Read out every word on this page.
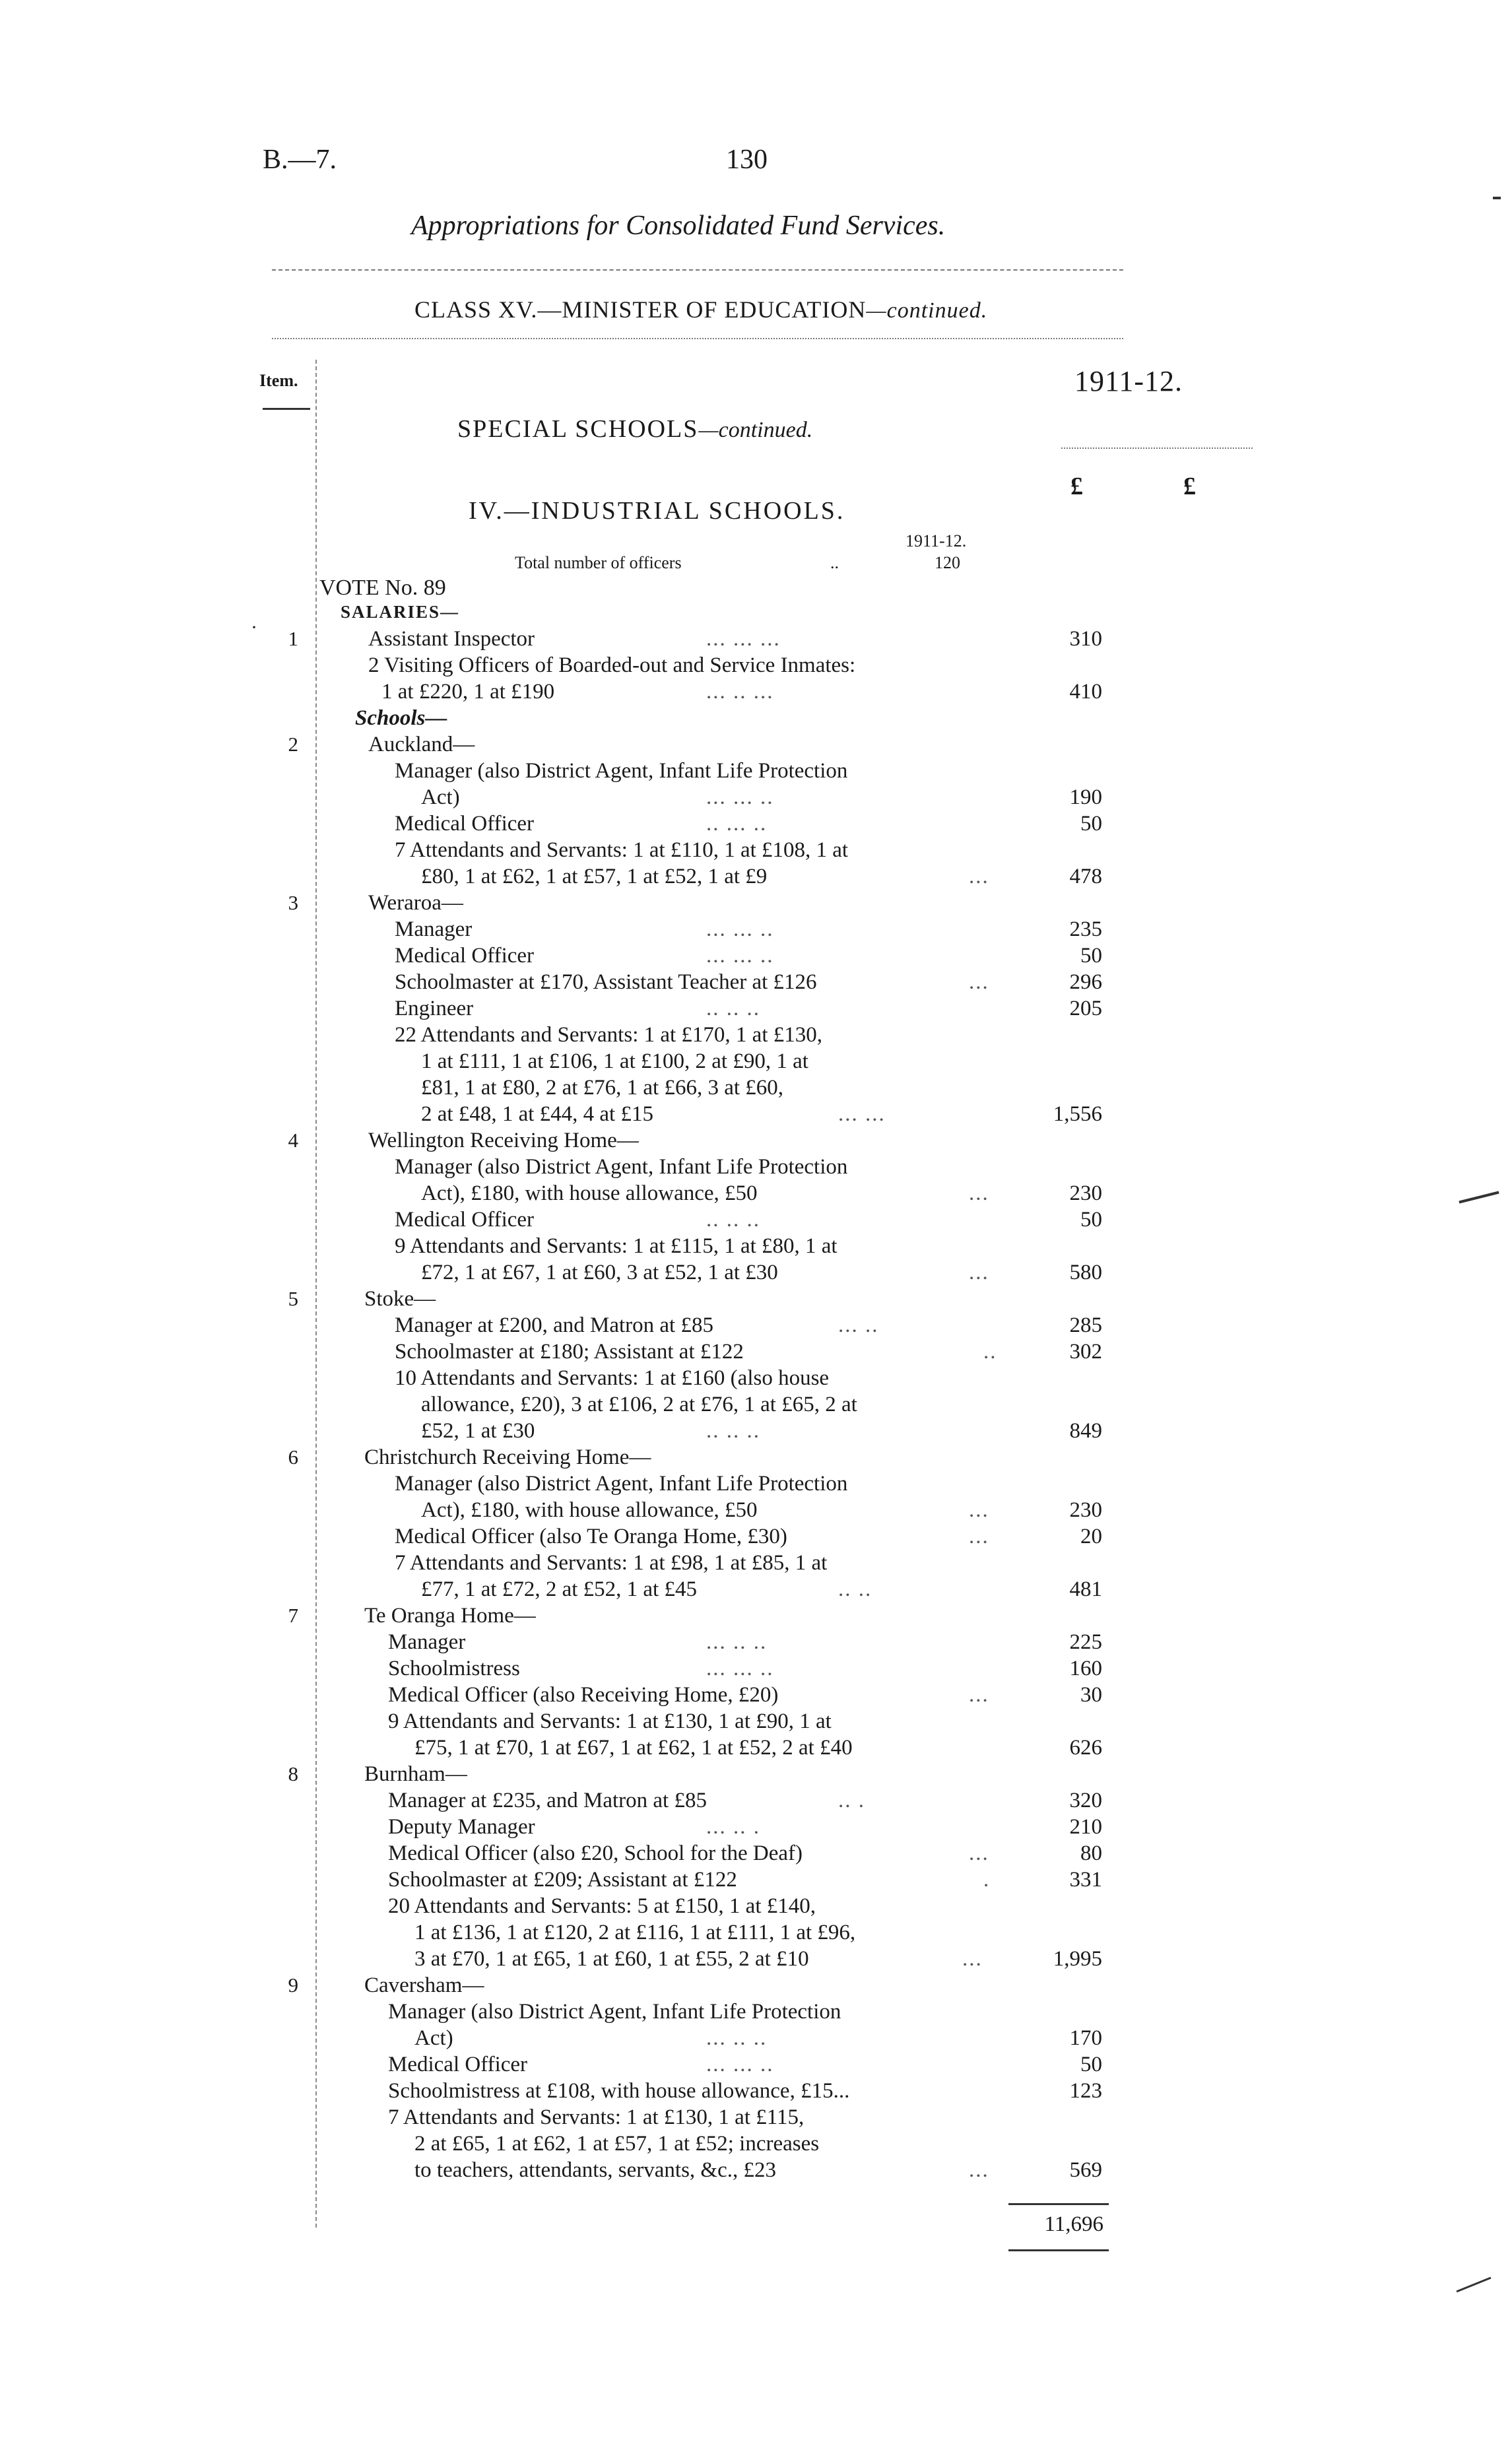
B.—7.	130
Appropriations for Consolidated Fund Services.
CLASS XV.—MINISTER OF EDUCATION—continued.
Item.	1911-12.
SPECIAL SCHOOLS—continued.
£	£
IV.—INDUSTRIAL SCHOOLS.
1911-12.
Total number of officers	..	120
VOTE No. 89
SALARIES—
·	1	Assistant Inspector	... ... ...	310
2 Visiting Officers of Boarded-out and Service Inmates:
1 at £220, 1 at £190	... .. ...	410
Schools—
2	Auckland—
Manager (also District Agent, Infant Life Protection
Act)	... ... ..	190
Medical Officer	.. ... ..	50
7 Attendants and Servants: 1 at £110, 1 at £108, 1 at
£80, 1 at £62, 1 at £57, 1 at £52, 1 at £9	...	478
3	Weraroa—
Manager	... ... ..	235
Medical Officer	... ... ..	50
Schoolmaster at £170, Assistant Teacher at £126	...	296
Engineer	.. .. ..	205
22 Attendants and Servants: 1 at £170, 1 at £130,
1 at £111, 1 at £106, 1 at £100, 2 at £90, 1 at
£81, 1 at £80, 2 at £76, 1 at £66, 3 at £60,
2 at £48, 1 at £44, 4 at £15	... ...	1,556
4	Wellington Receiving Home—
Manager (also District Agent, Infant Life Protection
Act), £180, with house allowance, £50	...	230
Medical Officer	.. .. ..	50
9 Attendants and Servants: 1 at £115, 1 at £80, 1 at
£72, 1 at £67, 1 at £60, 3 at £52, 1 at £30	...	580
5	Stoke—
Manager at £200, and Matron at £85	... ..	285
Schoolmaster at £180; Assistant at £122	..	302
10 Attendants and Servants: 1 at £160 (also house
allowance, £20), 3 at £106, 2 at £76, 1 at £65, 2 at
£52, 1 at £30	.. .. ..	849
6	Christchurch Receiving Home—
Manager (also District Agent, Infant Life Protection
Act), £180, with house allowance, £50	...	230
Medical Officer (also Te Oranga Home, £30)	...	20
7 Attendants and Servants: 1 at £98, 1 at £85, 1 at
£77, 1 at £72, 2 at £52, 1 at £45	.. ..	481
7	Te Oranga Home—
Manager	... .. ..	225
Schoolmistress	... ... ..	160
Medical Officer (also Receiving Home, £20)	...	30
9 Attendants and Servants: 1 at £130, 1 at £90, 1 at
£75, 1 at £70, 1 at £67, 1 at £62, 1 at £52, 2 at £40	626
8	Burnham—
Manager at £235, and Matron at £85	.. .	320
Deputy Manager	... .. .	210
Medical Officer (also £20, School for the Deaf)	...	80
Schoolmaster at £209; Assistant at £122	.	331
20 Attendants and Servants: 5 at £150, 1 at £140,
1 at £136, 1 at £120, 2 at £116, 1 at £111, 1 at £96,
3 at £70, 1 at £65, 1 at £60, 1 at £55, 2 at £10	...	1,995
9	Caversham—
Manager (also District Agent, Infant Life Protection
Act)	... .. ..	170
Medical Officer	... ... ..	50
Schoolmistress at £108, with house allowance, £15...	123
7 Attendants and Servants: 1 at £130, 1 at £115,
2 at £65, 1 at £62, 1 at £57, 1 at £52; increases
to teachers, attendants, servants, &c., £23	...	569
11,696
